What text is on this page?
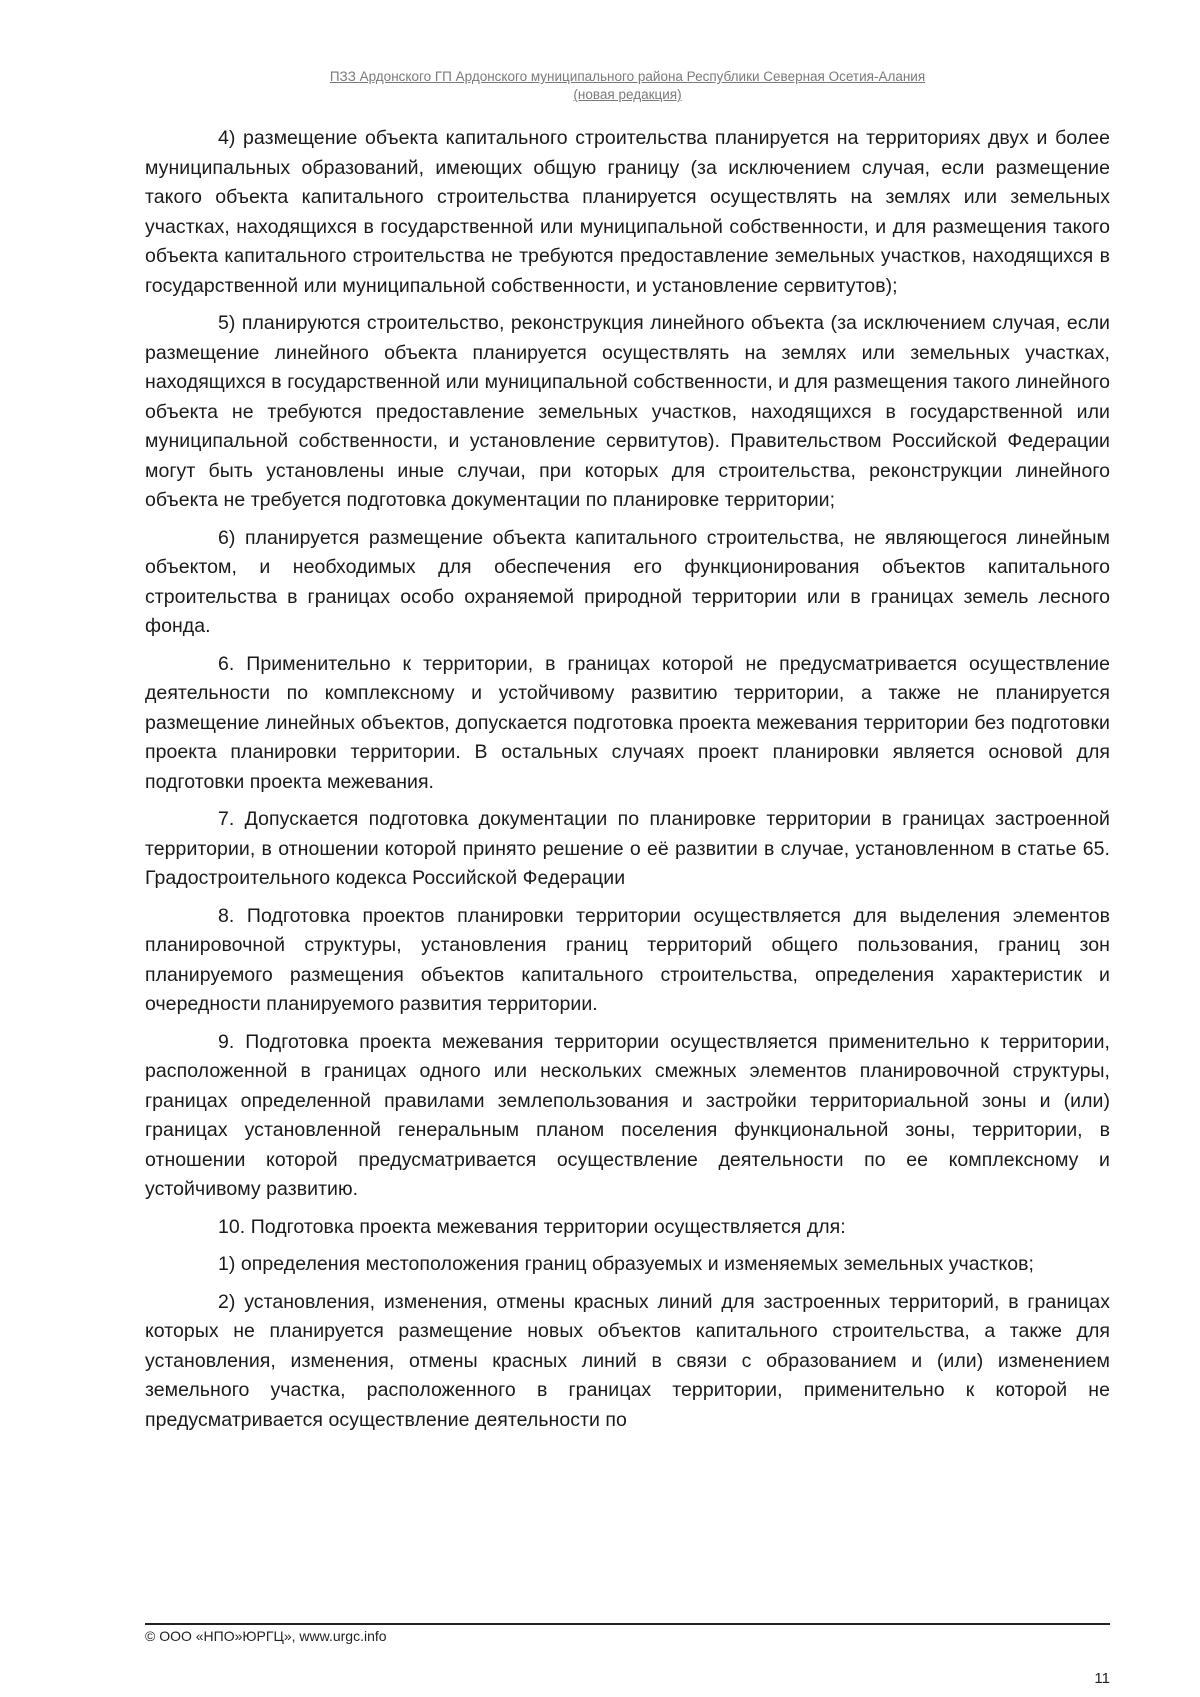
ПЗЗ Ардонского ГП Ардонского муниципального района Республики Северная Осетия-Алания
(новая редакция)

4) размещение объекта капитального строительства планируется на территориях двух и более муниципальных образований, имеющих общую границу (за исключением случая, если размещение такого объекта капитального строительства планируется осуществлять на землях или земельных участках, находящихся в государственной или муниципальной собственности, и для размещения такого объекта капитального строительства не требуются предоставление земельных участков, находящихся в государственной или муниципальной собственности, и установление сервитутов);

5) планируются строительство, реконструкция линейного объекта (за исключением случая, если размещение линейного объекта планируется осуществлять на землях или земельных участках, находящихся в государственной или муниципальной собственности, и для размещения такого линейного объекта не требуются предоставление земельных участков, находящихся в государственной или муниципальной собственности, и установление сервитутов). Правительством Российской Федерации могут быть установлены иные случаи, при которых для строительства, реконструкции линейного объекта не требуется подготовка документации по планировке территории;

6) планируется размещение объекта капитального строительства, не являющегося линейным объектом, и необходимых для обеспечения его функционирования объектов капитального строительства в границах особо охраняемой природной территории или в границах земель лесного фонда.

6. Применительно к территории, в границах которой не предусматривается осуществление деятельности по комплексному и устойчивому развитию территории, а также не планируется размещение линейных объектов, допускается подготовка проекта межевания территории без подготовки проекта планировки территории. В остальных случаях проект планировки является основой для подготовки проекта межевания.

7. Допускается подготовка документации по планировке территории в границах застроенной территории, в отношении которой принято решение о её развитии в случае, установленном в статье 65. Градостроительного кодекса Российской Федерации

8. Подготовка проектов планировки территории осуществляется для выделения элементов планировочной структуры, установления границ территорий общего пользования, границ зон планируемого размещения объектов капитального строительства, определения характеристик и очередности планируемого развития территории.

9. Подготовка проекта межевания территории осуществляется применительно к территории, расположенной в границах одного или нескольких смежных элементов планировочной структуры, границах определенной правилами землепользования и застройки территориальной зоны и (или) границах установленной генеральным планом поселения функциональной зоны, территории, в отношении которой предусматривается осуществление деятельности по ее комплексному и устойчивому развитию.

10. Подготовка проекта межевания территории осуществляется для:

1) определения местоположения границ образуемых и изменяемых земельных участков;

2) установления, изменения, отмены красных линий для застроенных территорий, в границах которых не планируется размещение новых объектов капитального строительства, а также для установления, изменения, отмены красных линий в связи с образованием и (или) изменением земельного участка, расположенного в границах территории, применительно к которой не предусматривается осуществление деятельности по

© ООО «НПО»ЮРГЦ», www.urgc.info
11
